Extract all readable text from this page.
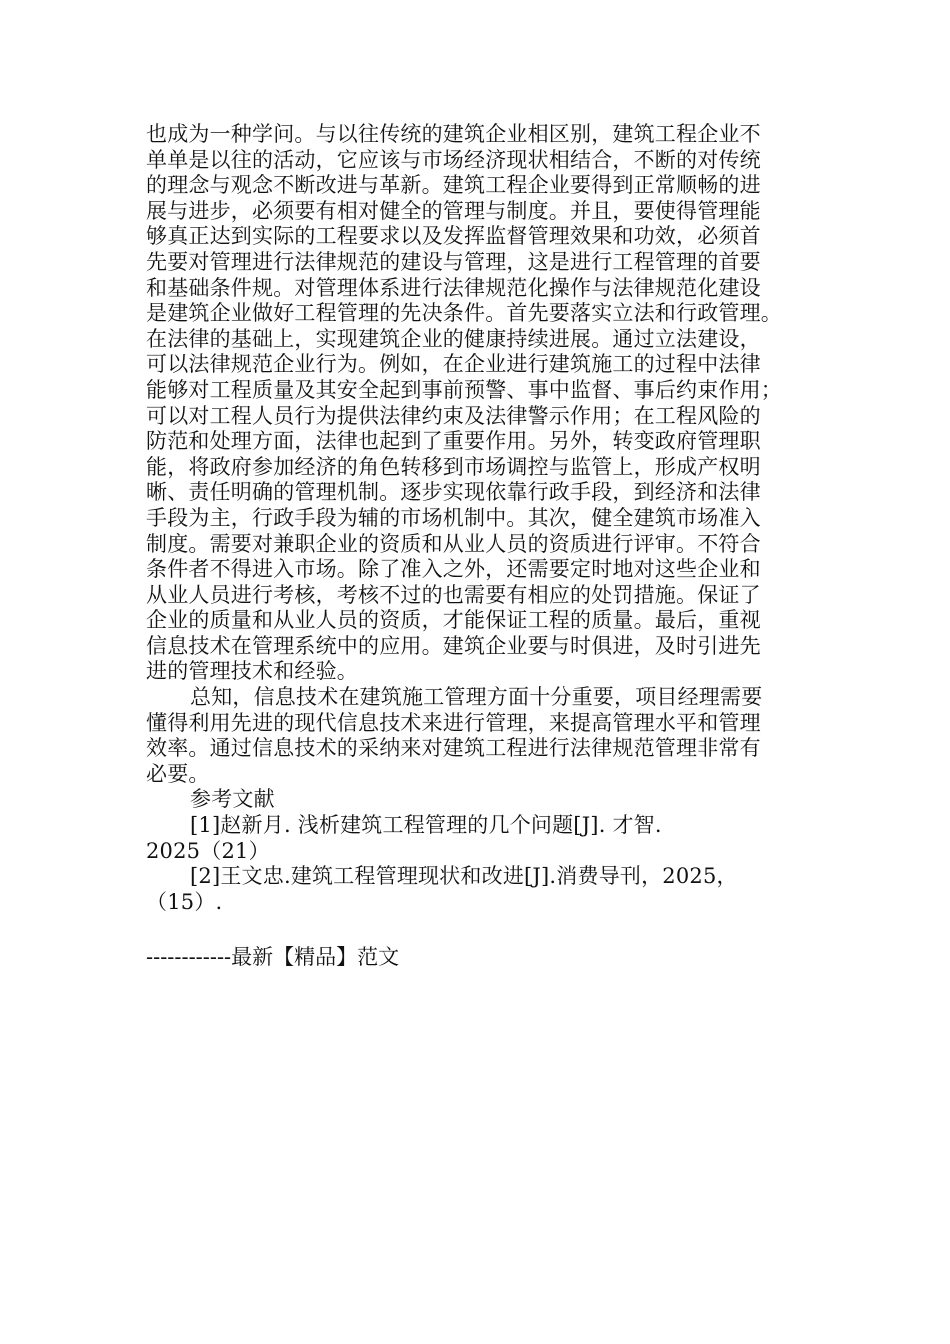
也成为一种学问。与以往传统的建筑企业相区别，建筑工程企业不
单单是以往的活动，它应该与市场经济现状相结合，不断的对传统
的理念与观念不断改进与革新。建筑工程企业要得到正常顺畅的进
展与进步，必须要有相对健全的管理与制度。并且，要使得管理能
够真正达到实际的工程要求以及发挥监督管理效果和功效，必须首
先要对管理进行法律规范的建设与管理，这是进行工程管理的首要
和基础条件规。对管理体系进行法律规范化操作与法律规范化建设
是建筑企业做好工程管理的先决条件。首先要落实立法和行政管理。
在法律的基础上，实现建筑企业的健康持续进展。通过立法建设，
可以法律规范企业行为。例如，在企业进行建筑施工的过程中法律
能够对工程质量及其安全起到事前预警、事中监督、事后约束作用；
可以对工程人员行为提供法律约束及法律警示作用；在工程风险的
防范和处理方面，法律也起到了重要作用。另外，转变政府管理职
能，将政府参加经济的角色转移到市场调控与监管上，形成产权明
晰、责任明确的管理机制。逐步实现依靠行政手段，到经济和法律
手段为主，行政手段为辅的市场机制中。其次，健全建筑市场准入
制度。需要对兼职企业的资质和从业人员的资质进行评审。不符合
条件者不得进入市场。除了准入之外，还需要定时地对这些企业和
从业人员进行考核，考核不过的也需要有相应的处罚措施。保证了
企业的质量和从业人员的资质，才能保证工程的质量。最后，重视
信息技术在管理系统中的应用。建筑企业要与时俱进，及时引进先
进的管理技术和经验。
总知，信息技术在建筑施工管理方面十分重要，项目经理需要
懂得利用先进的现代信息技术来进行管理，来提高管理水平和管理
效率。通过信息技术的采纳来对建筑工程进行法律规范管理非常有
必要。
参考文献
[1]赵新月. 浅析建筑工程管理的几个问题[J]. 才智.
2025（21）
[2]王文忠.建筑工程管理现状和改进[J].消费导刊，2025，
（15）.
------------最新【精品】范文
